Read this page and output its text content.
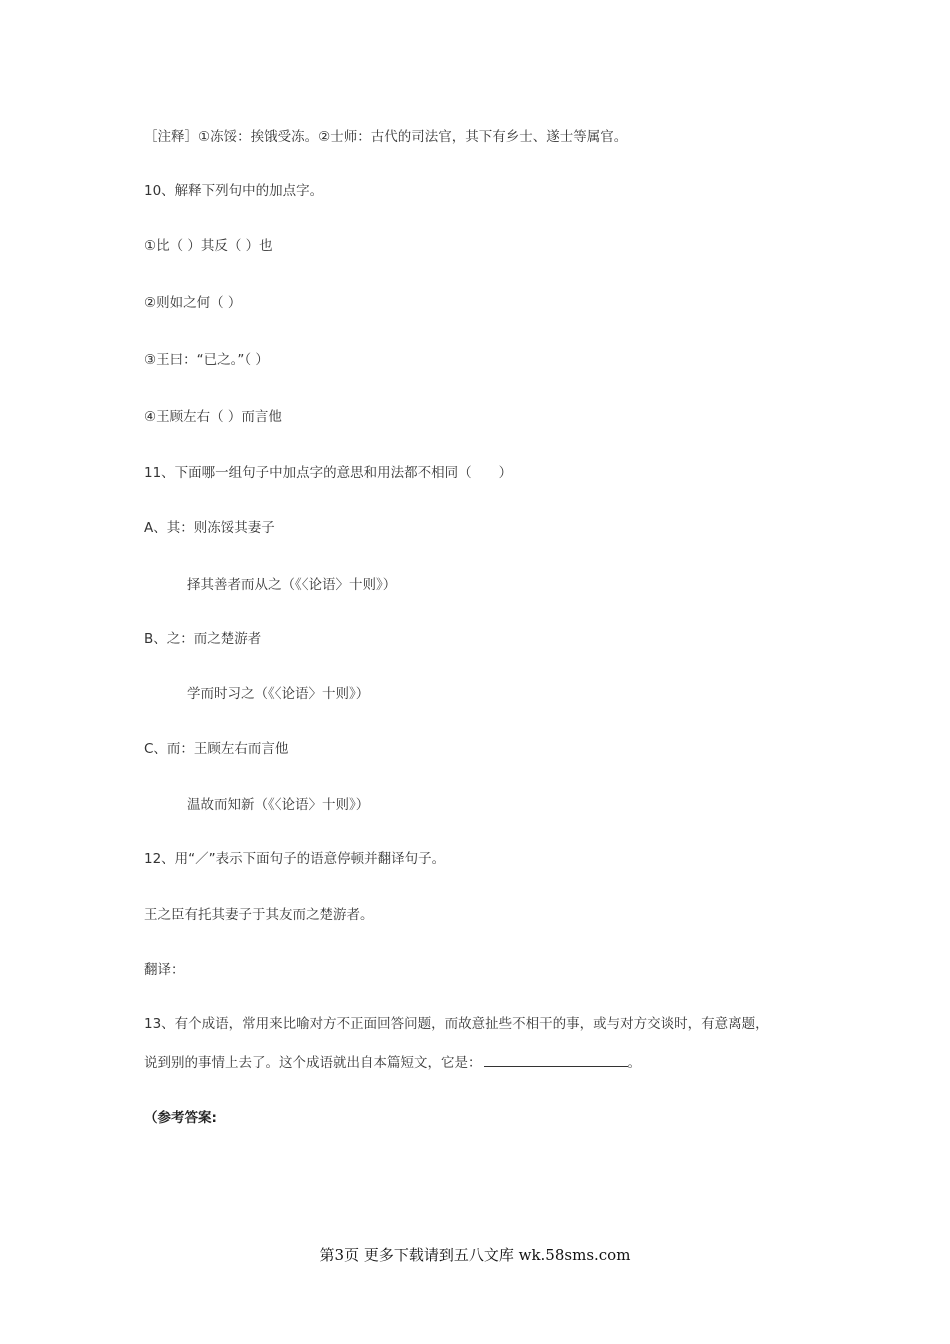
［注释］①冻馁：挨饿受冻。②士师：古代的司法官，其下有乡士、遂士等属官。
10、解释下列句中的加点字。
①比（ ）其反（ ）也
②则如之何（ ）
③王曰：“已之。”（ ）
④王顾左右（ ）而言他
11、下面哪一组句子中加点字的意思和用法都不相同（　　）
A、其：则冻馁其妻子
择其善者而从之（《〈论语〉十则》）
B、之：而之楚游者
学而时习之（《〈论语〉十则》）
C、而：王顾左右而言他
温故而知新（《〈论语〉十则》）
12、用“／”表示下面句子的语意停顿并翻译句子。
王之臣有托其妻子于其友而之楚游者。
翻译：
13、有个成语，常用来比喻对方不正面回答问题，而故意扯些不相干的事，或与对方交谈时，有意离题，
说到别的事情上去了。这个成语就出自本篇短文，它是：	。
（参考答案:
第3页 更多下载请到五八文库 wk.58sms.com
